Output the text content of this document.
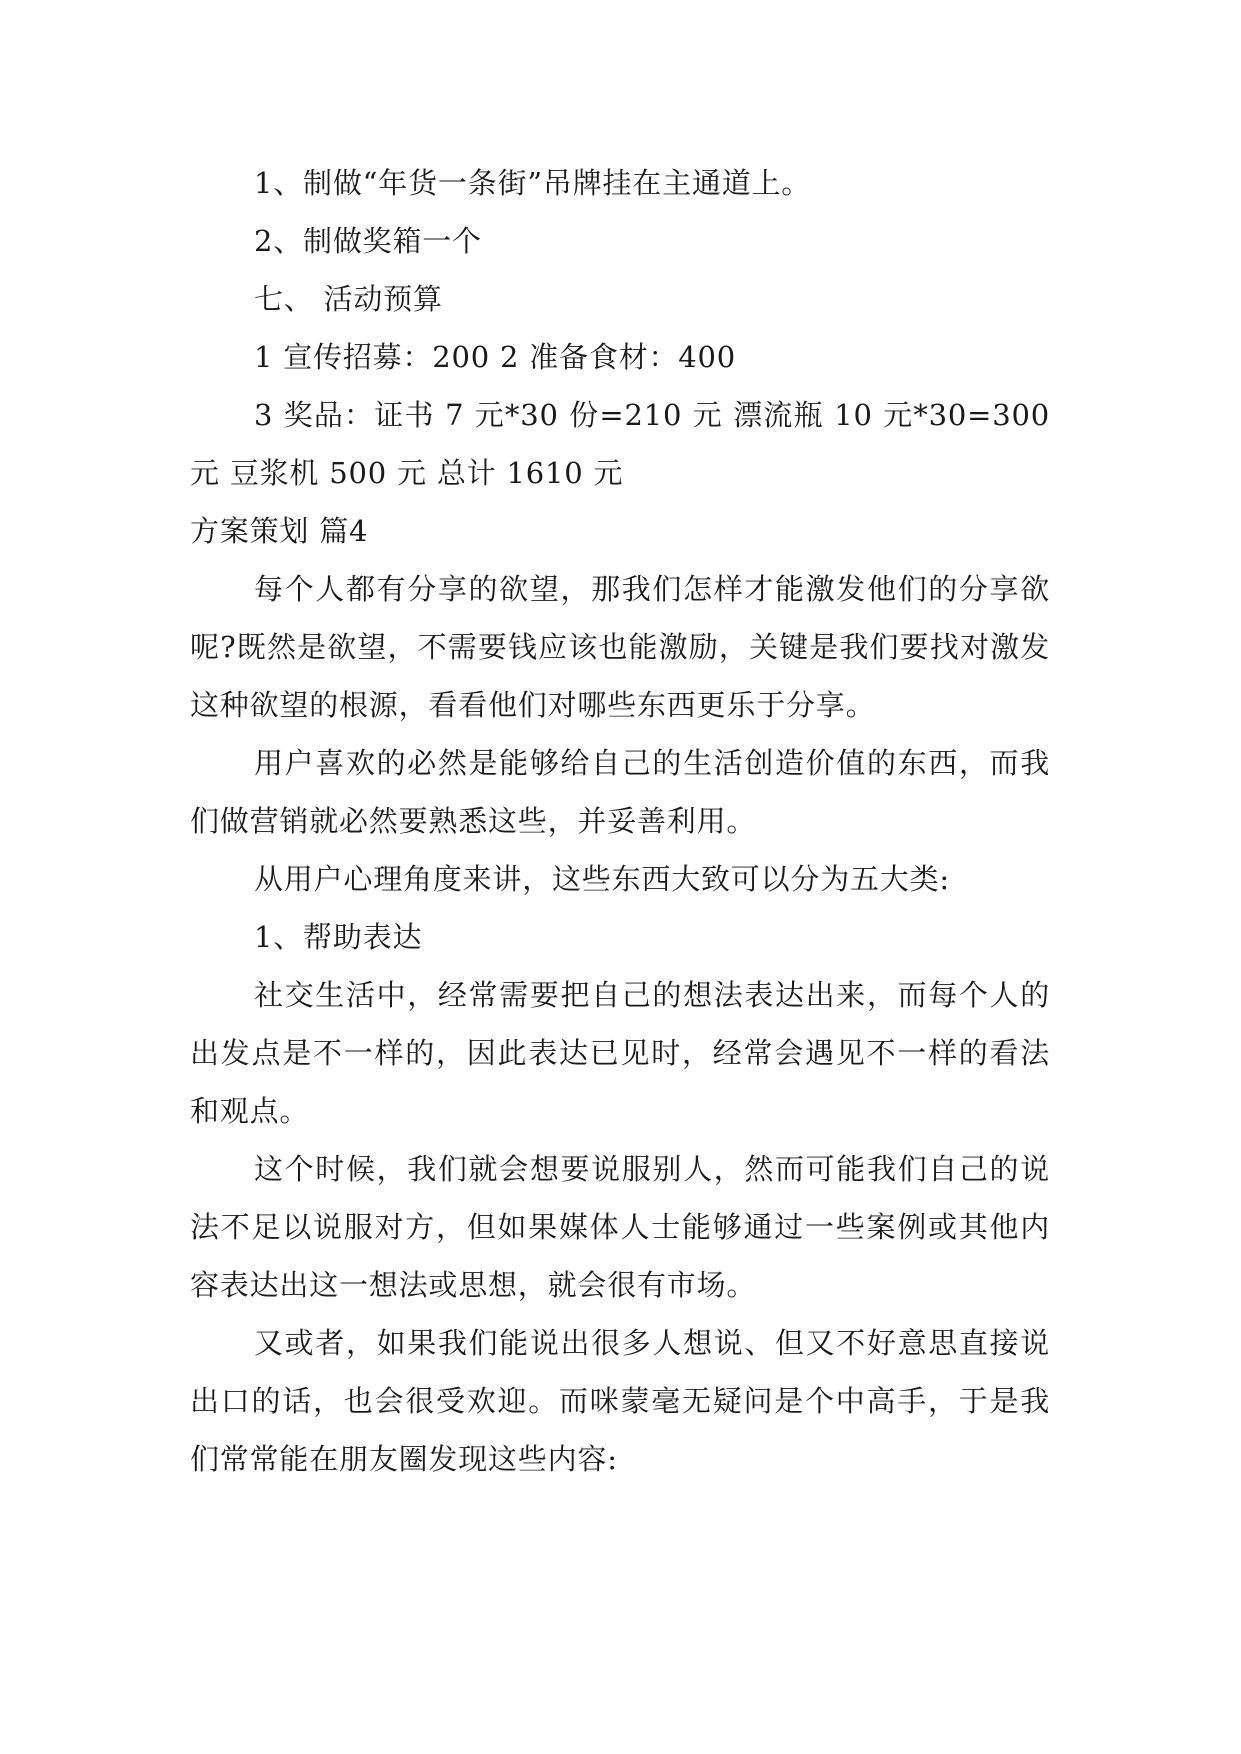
1、制做“年货一条街”吊牌挂在主通道上。

2、制做奖箱一个

七、 活动预算

1 宣传招募：200 2 准备食材：400

3 奖品：证书 7 元*30 份=210 元 漂流瓶 10 元*30=300 元 豆浆机 500 元 总计 1610 元

方案策划 篇4

每个人都有分享的欲望，那我们怎样才能激发他们的分享欲呢?既然是欲望，不需要钱应该也能激励，关键是我们要找对激发这种欲望的根源，看看他们对哪些东西更乐于分享。

用户喜欢的必然是能够给自己的生活创造价值的东西，而我们做营销就必然要熟悉这些，并妥善利用。

从用户心理角度来讲，这些东西大致可以分为五大类:

1、帮助表达

社交生活中，经常需要把自己的想法表达出来，而每个人的出发点是不一样的，因此表达已见时，经常会遇见不一样的看法和观点。

这个时候，我们就会想要说服别人，然而可能我们自己的说法不足以说服对方，但如果媒体人士能够通过一些案例或其他内容表达出这一想法或思想，就会很有市场。

又或者，如果我们能说出很多人想说、但又不好意思直接说出口的话，也会很受欢迎。而咪蒙毫无疑问是个中高手，于是我们常常能在朋友圈发现这些内容:
